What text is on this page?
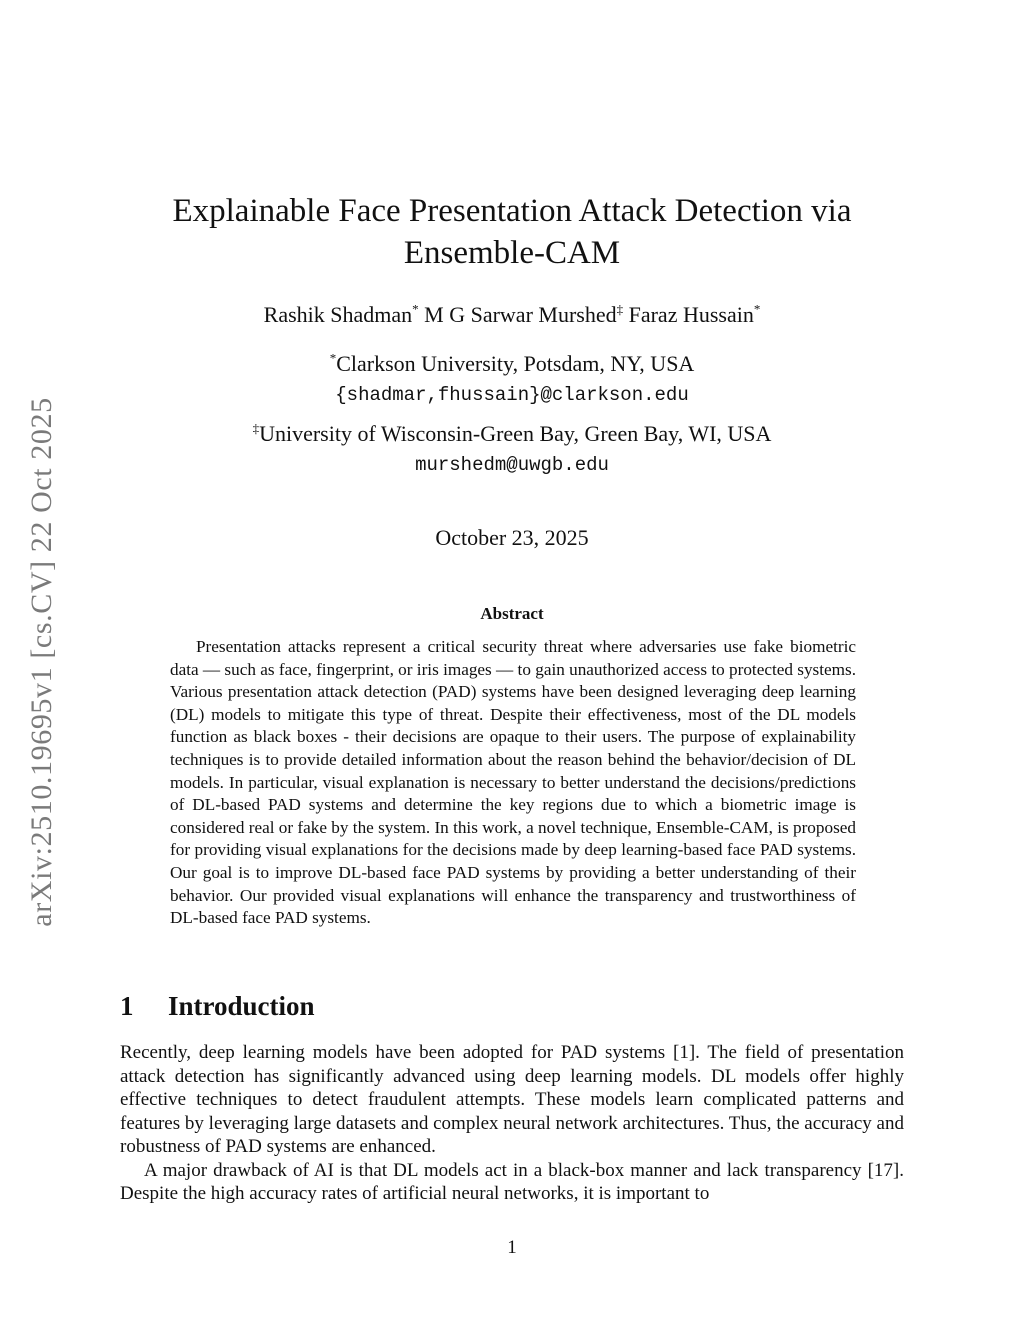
arXiv:2510.19695v1 [cs.CV] 22 Oct 2025
Explainable Face Presentation Attack Detection via
Ensemble-CAM
Rashik Shadman* M G Sarwar Murshed‡ Faraz Hussain*
*Clarkson University, Potsdam, NY, USA
{shadmar,fhussain}@clarkson.edu
‡University of Wisconsin-Green Bay, Green Bay, WI, USA
murshedm@uwgb.edu
October 23, 2025
Abstract
Presentation attacks represent a critical security threat where adversaries use fake biometric data — such as face, fingerprint, or iris images — to gain unauthorized access to protected systems. Various presentation attack detection (PAD) systems have been designed leveraging deep learning (DL) models to mitigate this type of threat. Despite their effectiveness, most of the DL models function as black boxes - their decisions are opaque to their users. The purpose of explainability techniques is to provide detailed information about the reason behind the behavior/decision of DL models. In particular, visual explanation is necessary to better understand the decisions/predictions of DL-based PAD systems and determine the key regions due to which a biometric image is considered real or fake by the system. In this work, a novel technique, Ensemble-CAM, is proposed for providing visual explanations for the decisions made by deep learning-based face PAD systems. Our goal is to improve DL-based face PAD systems by providing a better understanding of their behavior. Our provided visual explanations will enhance the transparency and trustworthiness of DL-based face PAD systems.
1 Introduction

Recently, deep learning models have been adopted for PAD systems [1]. The field of presentation attack detection has significantly advanced using deep learning models. DL models offer highly effective techniques to detect fraudulent attempts. These models learn complicated patterns and features by leveraging large datasets and complex neural network architectures. Thus, the accuracy and robustness of PAD systems are enhanced.

A major drawback of AI is that DL models act in a black-box manner and lack transparency [17]. Despite the high accuracy rates of artificial neural networks, it is important to

1
